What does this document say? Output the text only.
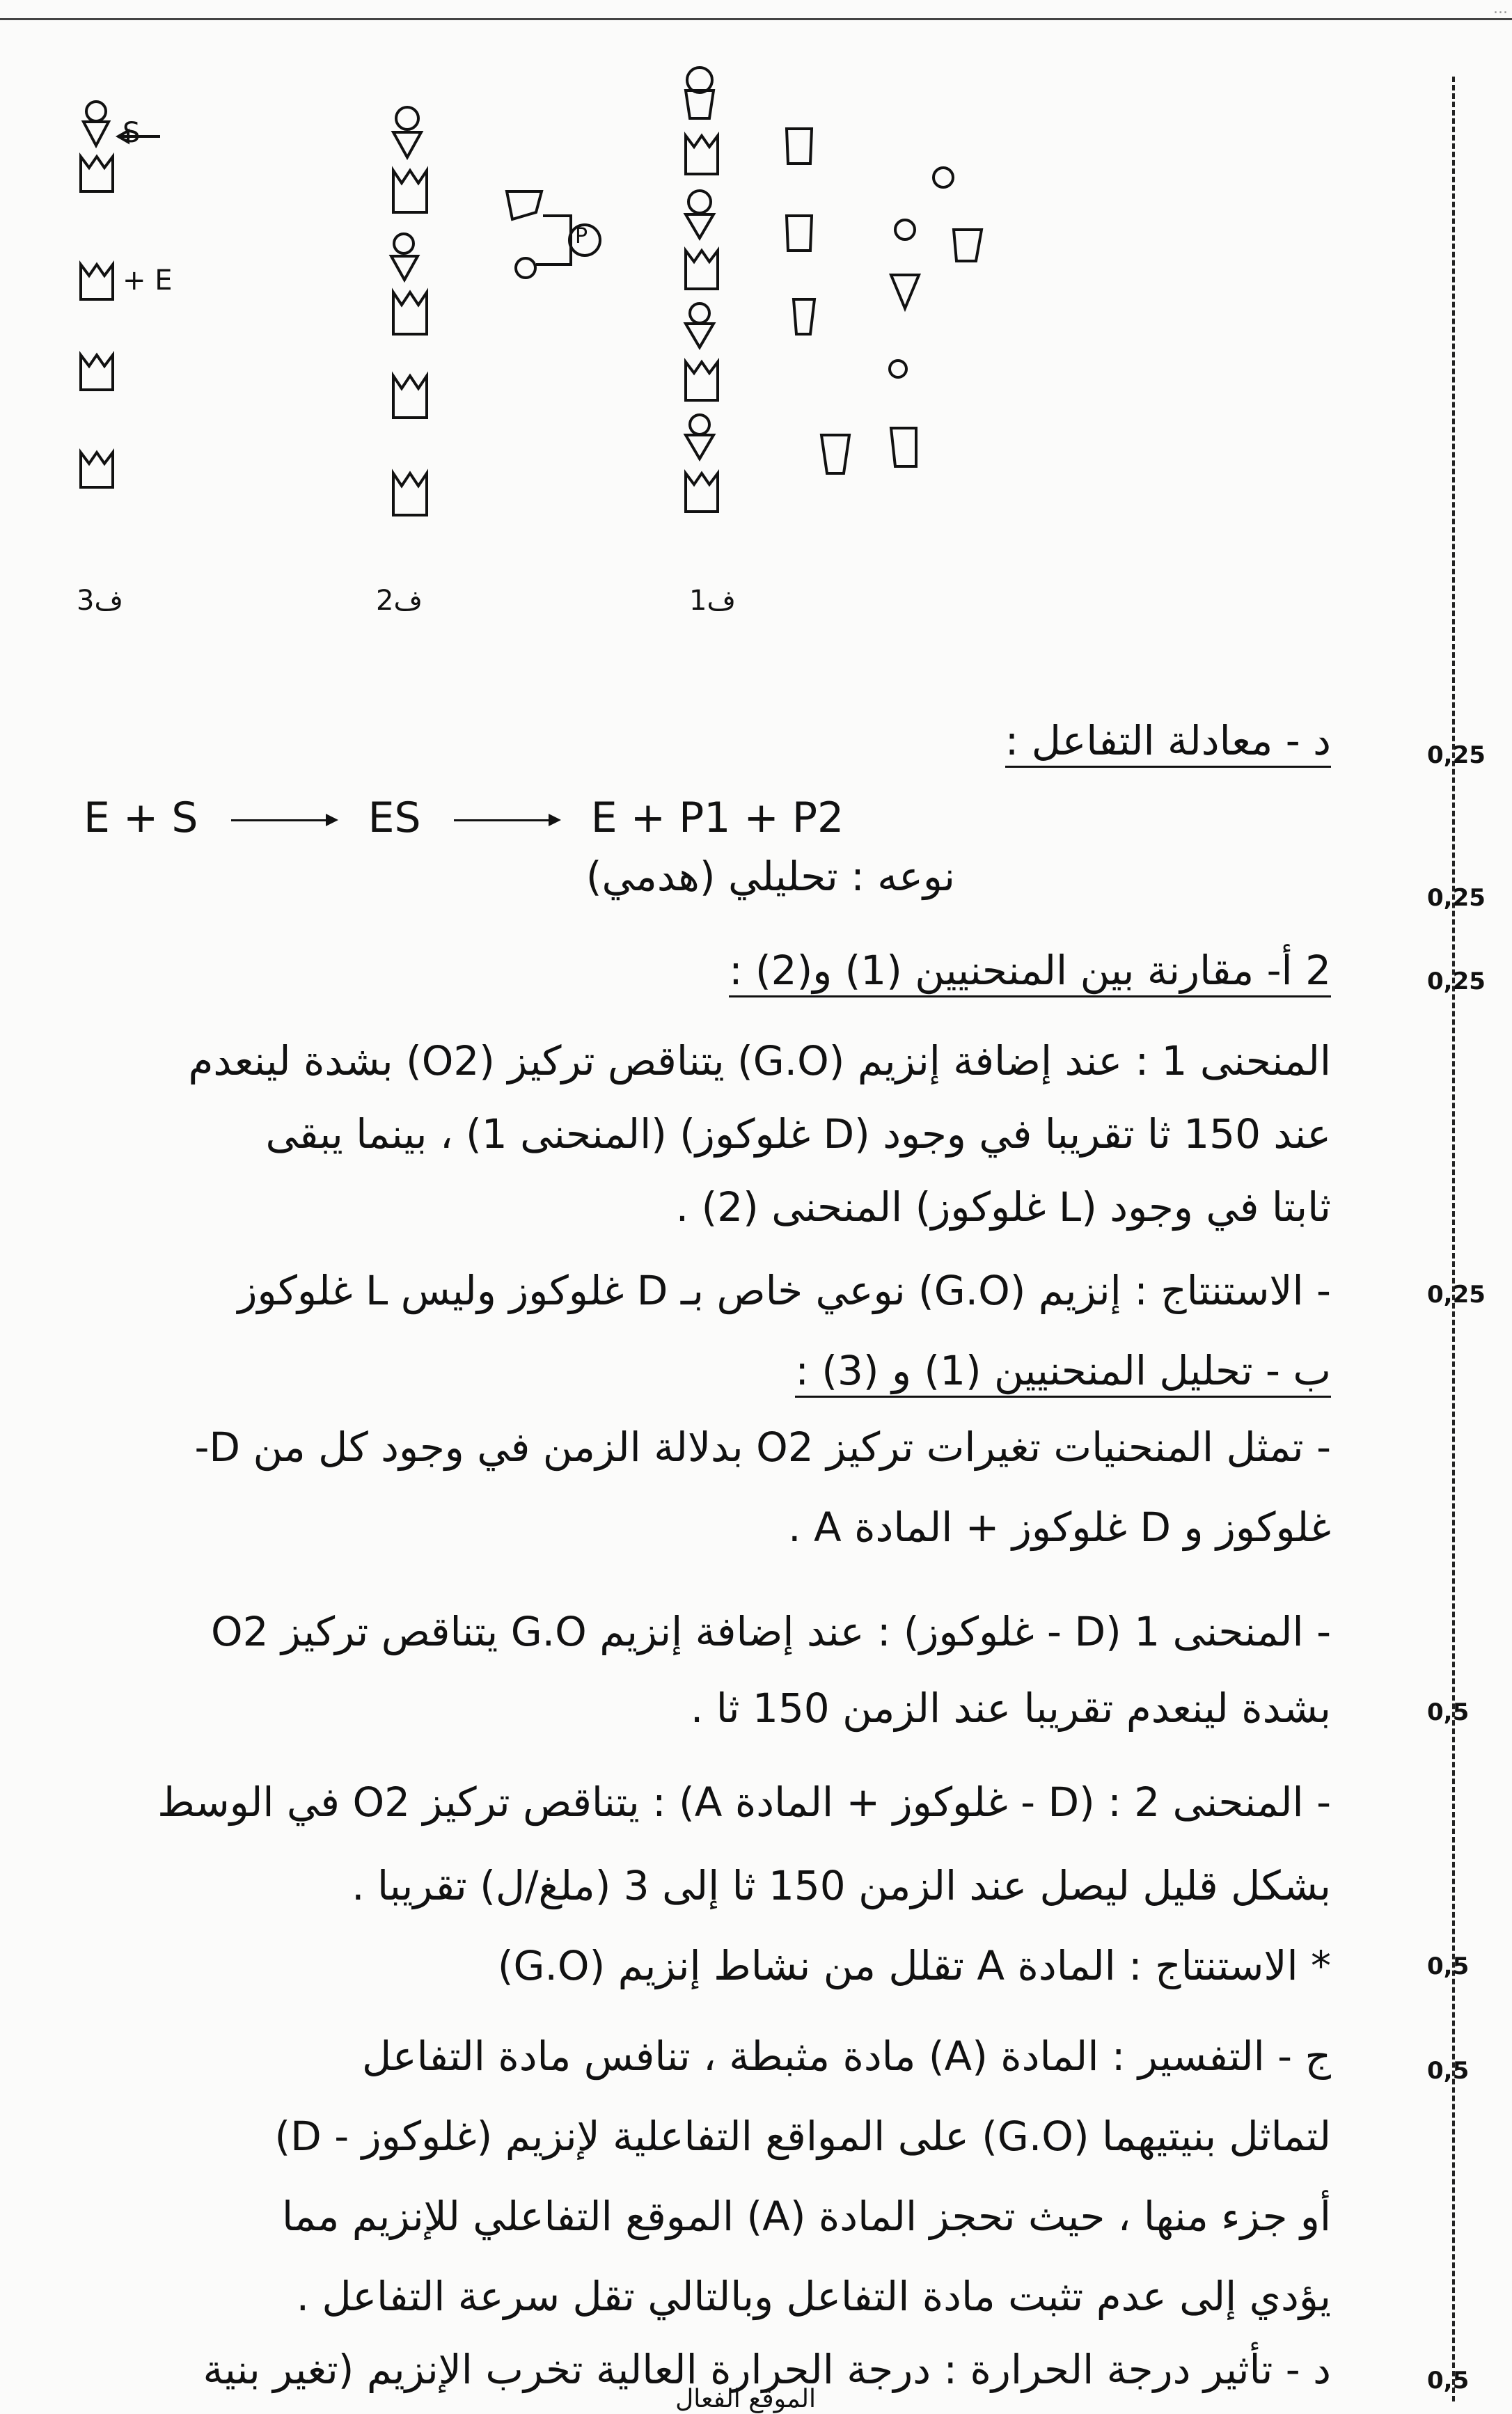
...
S
+ E
P
ف3	ف2	ف1
د - معادلة التفاعل :
E + S → ES → E + P1 + P2
نوعه : تحليلي (هدمي)
2 أ- مقارنة بين المنحنيين (1) و(2) :
المنحنى 1 : عند إضافة إنزيم (G.O) يتناقص تركيز (O2) بشدة لينعدم
عند 150 ثا تقريبا في وجود (D غلوكوز) (المنحنى 1) ، بينما يبقى
ثابتا في وجود (L غلوكوز) المنحنى (2) .
- الاستنتاج : إنزيم (G.O) نوعي خاص بـ D غلوكوز وليس L غلوكوز
ب - تحليل المنحنيين (1) و (3) :
- تمثل المنحنيات تغيرات تركيز O2 بدلالة الزمن في وجود كل من D-
غلوكوز و D غلوكوز + المادة A .
- المنحنى 1 (D - غلوكوز) : عند إضافة إنزيم G.O يتناقص تركيز O2
بشدة لينعدم تقريبا عند الزمن 150 ثا .
- المنحنى 2 : (D - غلوكوز + المادة A) : يتناقص تركيز O2 في الوسط
بشكل قليل ليصل عند الزمن 150 ثا إلى 3 (ملغ/ل) تقريبا .
* الاستنتاج : المادة A تقلل من نشاط إنزيم (G.O)
ج - التفسير : المادة (A) مادة مثبطة ، تنافس مادة التفاعل
(D - غلوكوز) على المواقع التفاعلية لإنزيم (G.O) لتماثل بنيتيهما
أو جزء منها ، حيث تحجز المادة (A) الموقع التفاعلي للإنزيم مما
يؤدي إلى عدم تثبت مادة التفاعل وبالتالي تقل سرعة التفاعل .
د - تأثير درجة الحرارة : درجة الحرارة العالية تخرب الإنزيم (تغير بنية
الموقع الفعال
0,25
0,25
0,25
0,25
0,5
0,5
0,5
0,5
